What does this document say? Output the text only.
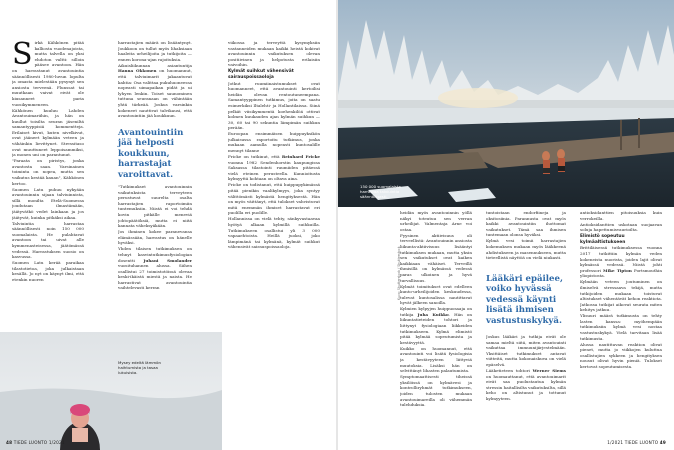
Sirkä Kähkönen pitää kalliosta vuodenajoista, mutta talvella on yksi ehdoton valtti: silloin pääsee avantoon. Hän on harrastanut avantouintia säännöllisesti 1980-luvun lopulta ja omasta mielestään pysynyt sen ansiosta terveenä. Flunssat tai muutkaan vaivat eivät ole kiusanneet paria vuosikymmeneen.

Kähkönen kuuluu Lahden Avantouimariihin, ja hän on kuullut toisilta seuran jäseniltä samantyyppisiä kommentteja. Erilaiset kivut, kuten nivelkivut, ovat jääneet kylmään veteen ja vähäinkin lievittynet. Stressitaso ovat muuttuneet leppoisammiksi, ja monen uni on parantunut.

"Paraata on piristys, jonka avantosta saan. Varsinainen toiminta on nopea, mutta sen vaikutus kestää kauan", Kähkönen kertoo.

Suomen Latu puhuu nykyään avantouinnin sijaan talviuinnista, sillä monilta Etelä-Suomessa joudutaan ilmastämään, jäätyvätkö vedet lainkaan ja jos jäätyvät, kuinka pitkäksi aikaa.

Talviuintia harrastaa säännöllisesti noin 150 000 suomalaista. He pulahtavat avantoon tai uivat alle kymmenasteisessa, jäätömässä vedessä. Harrastuksen suosio on kasvussa.

Suomen Latu kerää paraikaa tilastotietoa, joka julkaistaan kesällä. Jo nyt on käynyt ilmi, että etenkin nuoren

harrastajien määrä on lisääntynyt. Joukkoon on tullut myös lihaksiaan haaleita urheilijoita ja tutkijoita — ennen korona-ajan rajoituksia.

Aikuisliikunnan asiantuntija Hanna Okkonen on huomannut, että talviuimarit jakaantuvat kahtia: Osa valittaa pukuhuoneessa nopeasti uimapaikan pidät ja ui lyhyen lenkin. Toiset saunominen tuttuna seuranaan on vähintään yhtä tärkeää. Joskus varsinkin kokeneet nauttivat talvikausi, että avantouintiin jää koukkuun.

Avantouintiin jää helposti koukkuun, harrastajat varoittavat.

"Tutkimukset avantouinnin vaikutuksista terveyteen perustuvat suurelta osalta harrastajien raportoimiin tuntemuksiin. Niistä ei voi tehdä kovin pitkälle meneviä johtopäätöksiä, mutta ei niitä kannata väheksyäkään.

Jos ihminen kokee paranevansa elämässään, harrastus on hänelle hyväksi.

Yhden tilaisen tutkimuksen on tehnyt kasvintutkimusfysiologian dosentti Juhani Smolander vuosituhannen alussa. Siihen osallistui 27 toimistotöissä olevaa keski-ikäistä miestä ja naista. He harrastivat avantouintia vaihtelevasti kerran

viikossa ja terveyttä kysymyksiin vastanneiden mukaan kaikki heistä kokivat avantouinnin vaikutuksen olevan positiivinen ja helpotusta erilaisiin vaivoihin.

Kylmät suihkut vähensivät sairauspoissaoloja

Jotkut ruumiinaistumukset ovat huomanneet, että avantouinti kertoilisi heidän olevan rentoutuneempana. Samantyyppinen tutkimus, joita on saatu esimerkiksi Iltalehti- ja Hollantilaissa. Siinä pelkät viisikymmentä koehenkilöä ottivat kolmen kuukauden ajan kylmän suihkun — 30, 60 tai 90 sekuntia lämpimän suihkun perään.

Euroopan ensimmäisen huippuyksikön julkaisussa raportoitu tutkimus, jonka mukaan aamulla nopeasti kuntosalille mennyt tilanne

Fricke on tutkinut, että Reinhard Fricke vuonna 1982 Sendenhorstin kaupungissa Saksassa tilastointi ruumiiden pitäessä vielä eteinen perusteella. Kunnioitusta kylmyyttä kohtaan on oltava aina.

Fricke on todistanut, että huippupykimässä pitää pienikin vaalikylmyys, joka syntyy välittömästi kylmästä hengityksestä. Hän on myös väittänyt, että tulokset vahvistuvat mitä enemmän ihmiset harrastavat eri puolilla eri puolille.

Hollannissa on vielä tehty, sänkyvastaavaa hyötyä alkaan kylmillä suihkuilla. Tutkimukseen osallistui yli 3 000 vapaaehtoista. Heillä juoksi, joko lämpimänä tai kylmänä, kylmät suihkut vähensivät sairauspoissaoloja.

Mysey edeltä lämmön haihtumista ja tasaa lukuisista.
48 TIEDE LUONTO 1/2021
150 000 suomalaista harrastaa talviuintia säännöllisesti.
Kuva: Shutterstock / Shutterstock

heidän myös avantouinnin yöllä näkyi toteutuu sen verran urheilijat. Valmentaja Arne voi ostaa.

Fyysinen aktiivisuus oli terveellistä: Avantouinnin ansiosta liikunta-aktiivisuus lisääntyi tutkimuksen mukaan, mutta yksin sen vaikutukset ovat kaiken kaikkiaan vähäiset. Terveillä ihmisillä on kylmässä vedessä paras ulkoinen ja hyvä turvallisuus.

Kylmät toimitukset ovat edelleen kunto-urheilijoiden keskuudessa, tulevat kuntosalissa nautittavat hyvät jälkeen sanoilla.

Kylmien kylpyjen huippuosaaja on tutkija Juha Kuikko. Hän on liikuntatieteiden tohtori ja liittynyt fysiologiaan liikkeiden tutkimukseen. Kylmä elimistö pitää kylmää sopeutumista ja kestävyyttä.

Kuikko on huomannut, että avantouinti voi lisätä fysiologisia ja kestävyyteen liittyviä muutoksia. Lisäksi hän on selvittänyt lihasten palautumista.

Symptomaattisesti tiheissä yksilöissä on kylmävesi ja kontrolliryhmät tutkimukseen, joiden tulosten mukaan avantouimareilla oli vähemmän tulehduksia.

tuntoistaan endorfiineja ja oksitosiinia. Parannusta ovat myös kaikki avantouintiin ihottomat vaikutukset. Tämä saa ihmisen tuntemaan olonsa hyväksi.

Kylmä vesi toimii harrastajien kokemuksen mukaan myös lääkkeenä ahdistukseen ja masennukseen, mutta tieteellistä näyttöä on vielä niukasti.

Lääkäri epäilee, voiko hyvässä vedessä käynti lisätä ihmisen vastustuskykyä.

Joskus lääkäri ja tutkija eivät ole samaa mieltä siitä, miten avantouinti vaikuttaa immuunijärjestelmään. Yksittäiset tutkimukset antavat viitteitä, mutta kokonaiskuva on vielä epäselvä.

Lääketieteen tohtori Werner Siems on huomauttanut, että avantouimarit eivät saa puolustautua kylmän stressin haitallisilta vaikutuksilta, sillä keho on altistunut ja tottunut kylmyyteen.

antioksidanttien pitoisuuksia kuin verrokeilla.

Antioksidanttien uskotaan suojaavan soluja hapettumisvaurioilta.

Elimistö sopeutuu kylmäaltistukseen

Brittiläisessä tutkimuksessa vuonna 2017 tutkittiin kylmän veden kokeneista nuorista, joiden lajit olivat kylmässä vedessä. Niistä johti professori Mike Tipton Portsmouthin yliopistosta.

Kylmään veteen joutuminen on ilmiselvä stressaava tekijä, mutta tutkijoiden mukaan toistuvat altistukset vähentävät kehon reaktiota. Jatkossa tutkijat aikovat seurata miten kehitys jatkuu.

Ylisuuri määrä tutkimusta on tehty lasten kanssa: myöhempään tutkimuksiin kylmä vesi nostaa vastustuskykyä. Vielä tarvitaan lisää tutkimusta.

Alussa nautittavan reaktion olivat pienet, mutta jo viikkojen kuluttua osallistujien sykkeen ja hengityksen nousut olivat hyvin pieniä. Tulokset kertovat sopeutumisesta.

1/2021 TIEDE LUONTO 49
